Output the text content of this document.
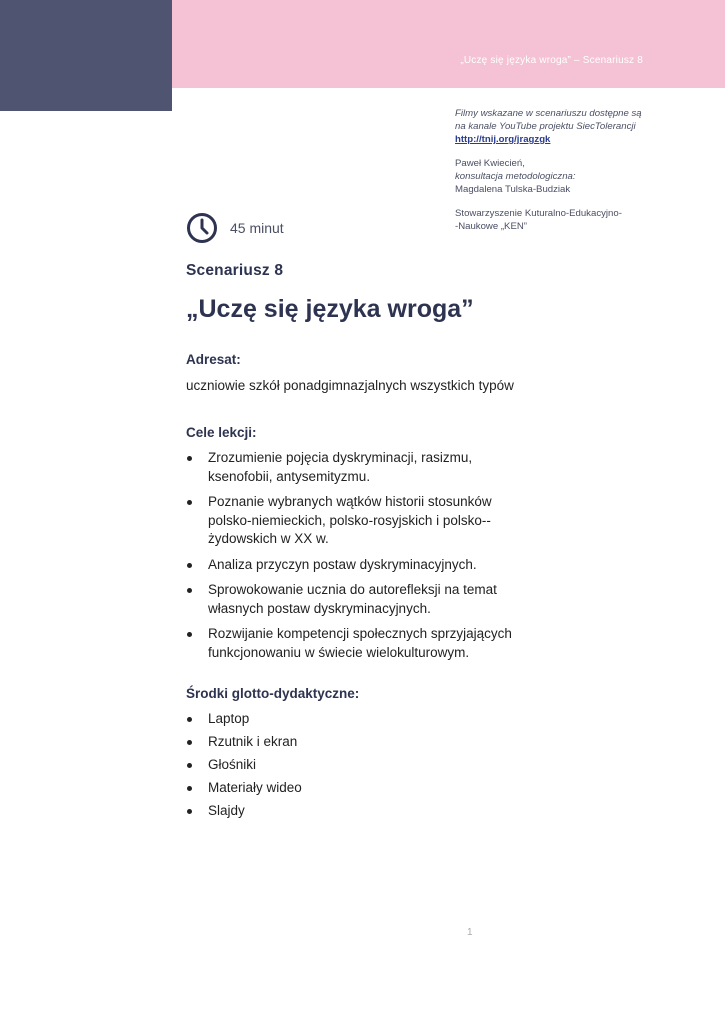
„Uczę się języka wroga” – Scenariusz 8

Filmy wskazane w scenariuszu dostępne są

na kanale YouTube projektu SiecTolerancji

http://tnij.org/jragzgk

Paweł Kwiecień,

konsultacja metodologiczna:

Magdalena Tulska-Budziak

Stowarzyszenie Kuturalno-Edukacyjno-

-Naukowe „KEN”

45 minut
Scenariusz 8
„Uczę się języka wroga”
Adresat:
uczniowie szkół ponadgimnazjalnych wszystkich typów
Cele lekcji:
Zrozumienie pojęcia dyskryminacji, rasizmu, ksenofobii, antysemityzmu.
Poznanie wybranych wątków historii stosunków polsko-niemieckich, polsko-rosyjskich i polsko--żydowskich w XX w.
Analiza przyczyn postaw dyskryminacyjnych.
Sprowokowanie ucznia do autorefleksji na temat własnych postaw dyskryminacyjnych.
Rozwijanie kompetencji społecznych sprzyjających funkcjonowaniu w świecie wielokulturowym.
Środki glotto-dydaktyczne:
Laptop
Rzutnik i ekran
Głośniki
Materiały wideo
Slajdy
1
